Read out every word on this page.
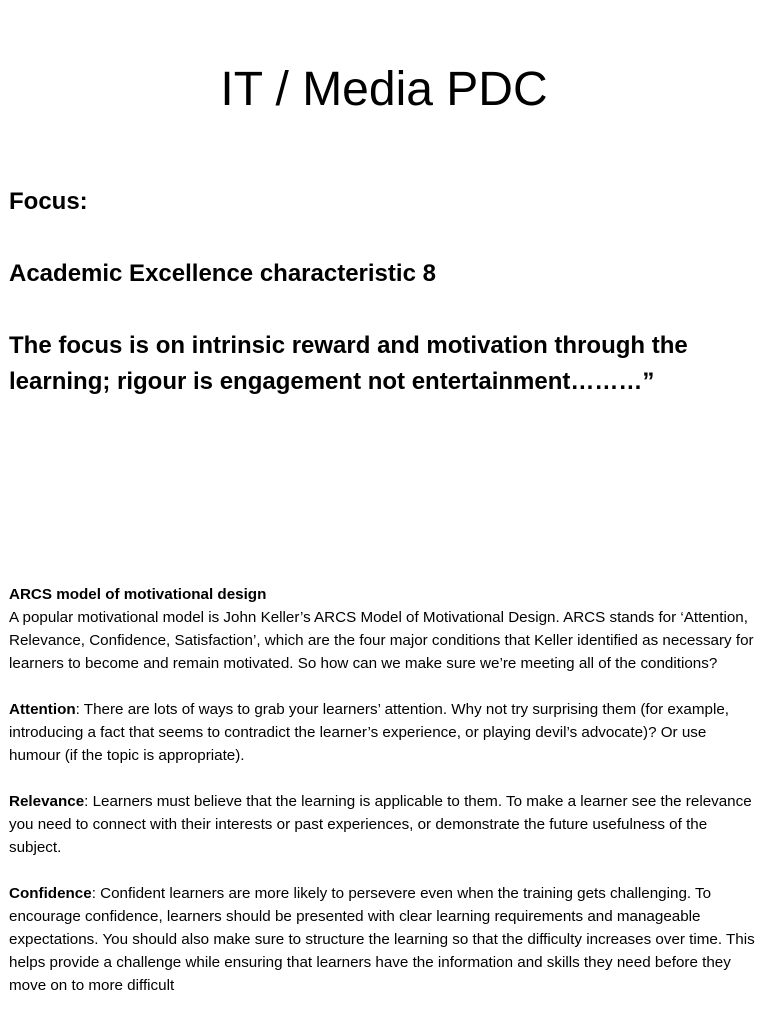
IT / Media PDC

Focus:

Academic Excellence characteristic 8

The focus is on intrinsic reward and motivation through the learning; rigour is engagement not entertainment………”

ARCS model of motivational design
A popular motivational model is John Keller’s ARCS Model of Motivational Design. ARCS stands for ‘Attention, Relevance, Confidence, Satisfaction’, which are the four major conditions that Keller identified as necessary for learners to become and remain motivated. So how can we make sure we’re meeting all of the conditions?

Attention: There are lots of ways to grab your learners’ attention. Why not try surprising them (for example, introducing a fact that seems to contradict the learner’s experience, or playing devil’s advocate)? Or use humour (if the topic is appropriate).

Relevance: Learners must believe that the learning is applicable to them. To make a learner see the relevance you need to connect with their interests or past experiences, or demonstrate the future usefulness of the subject.

Confidence: Confident learners are more likely to persevere even when the training gets challenging. To encourage confidence, learners should be presented with clear learning requirements and manageable expectations. You should also make sure to structure the learning so that the difficulty increases over time. This helps provide a challenge while ensuring that learners have the information and skills they need before they move on to more difficult
